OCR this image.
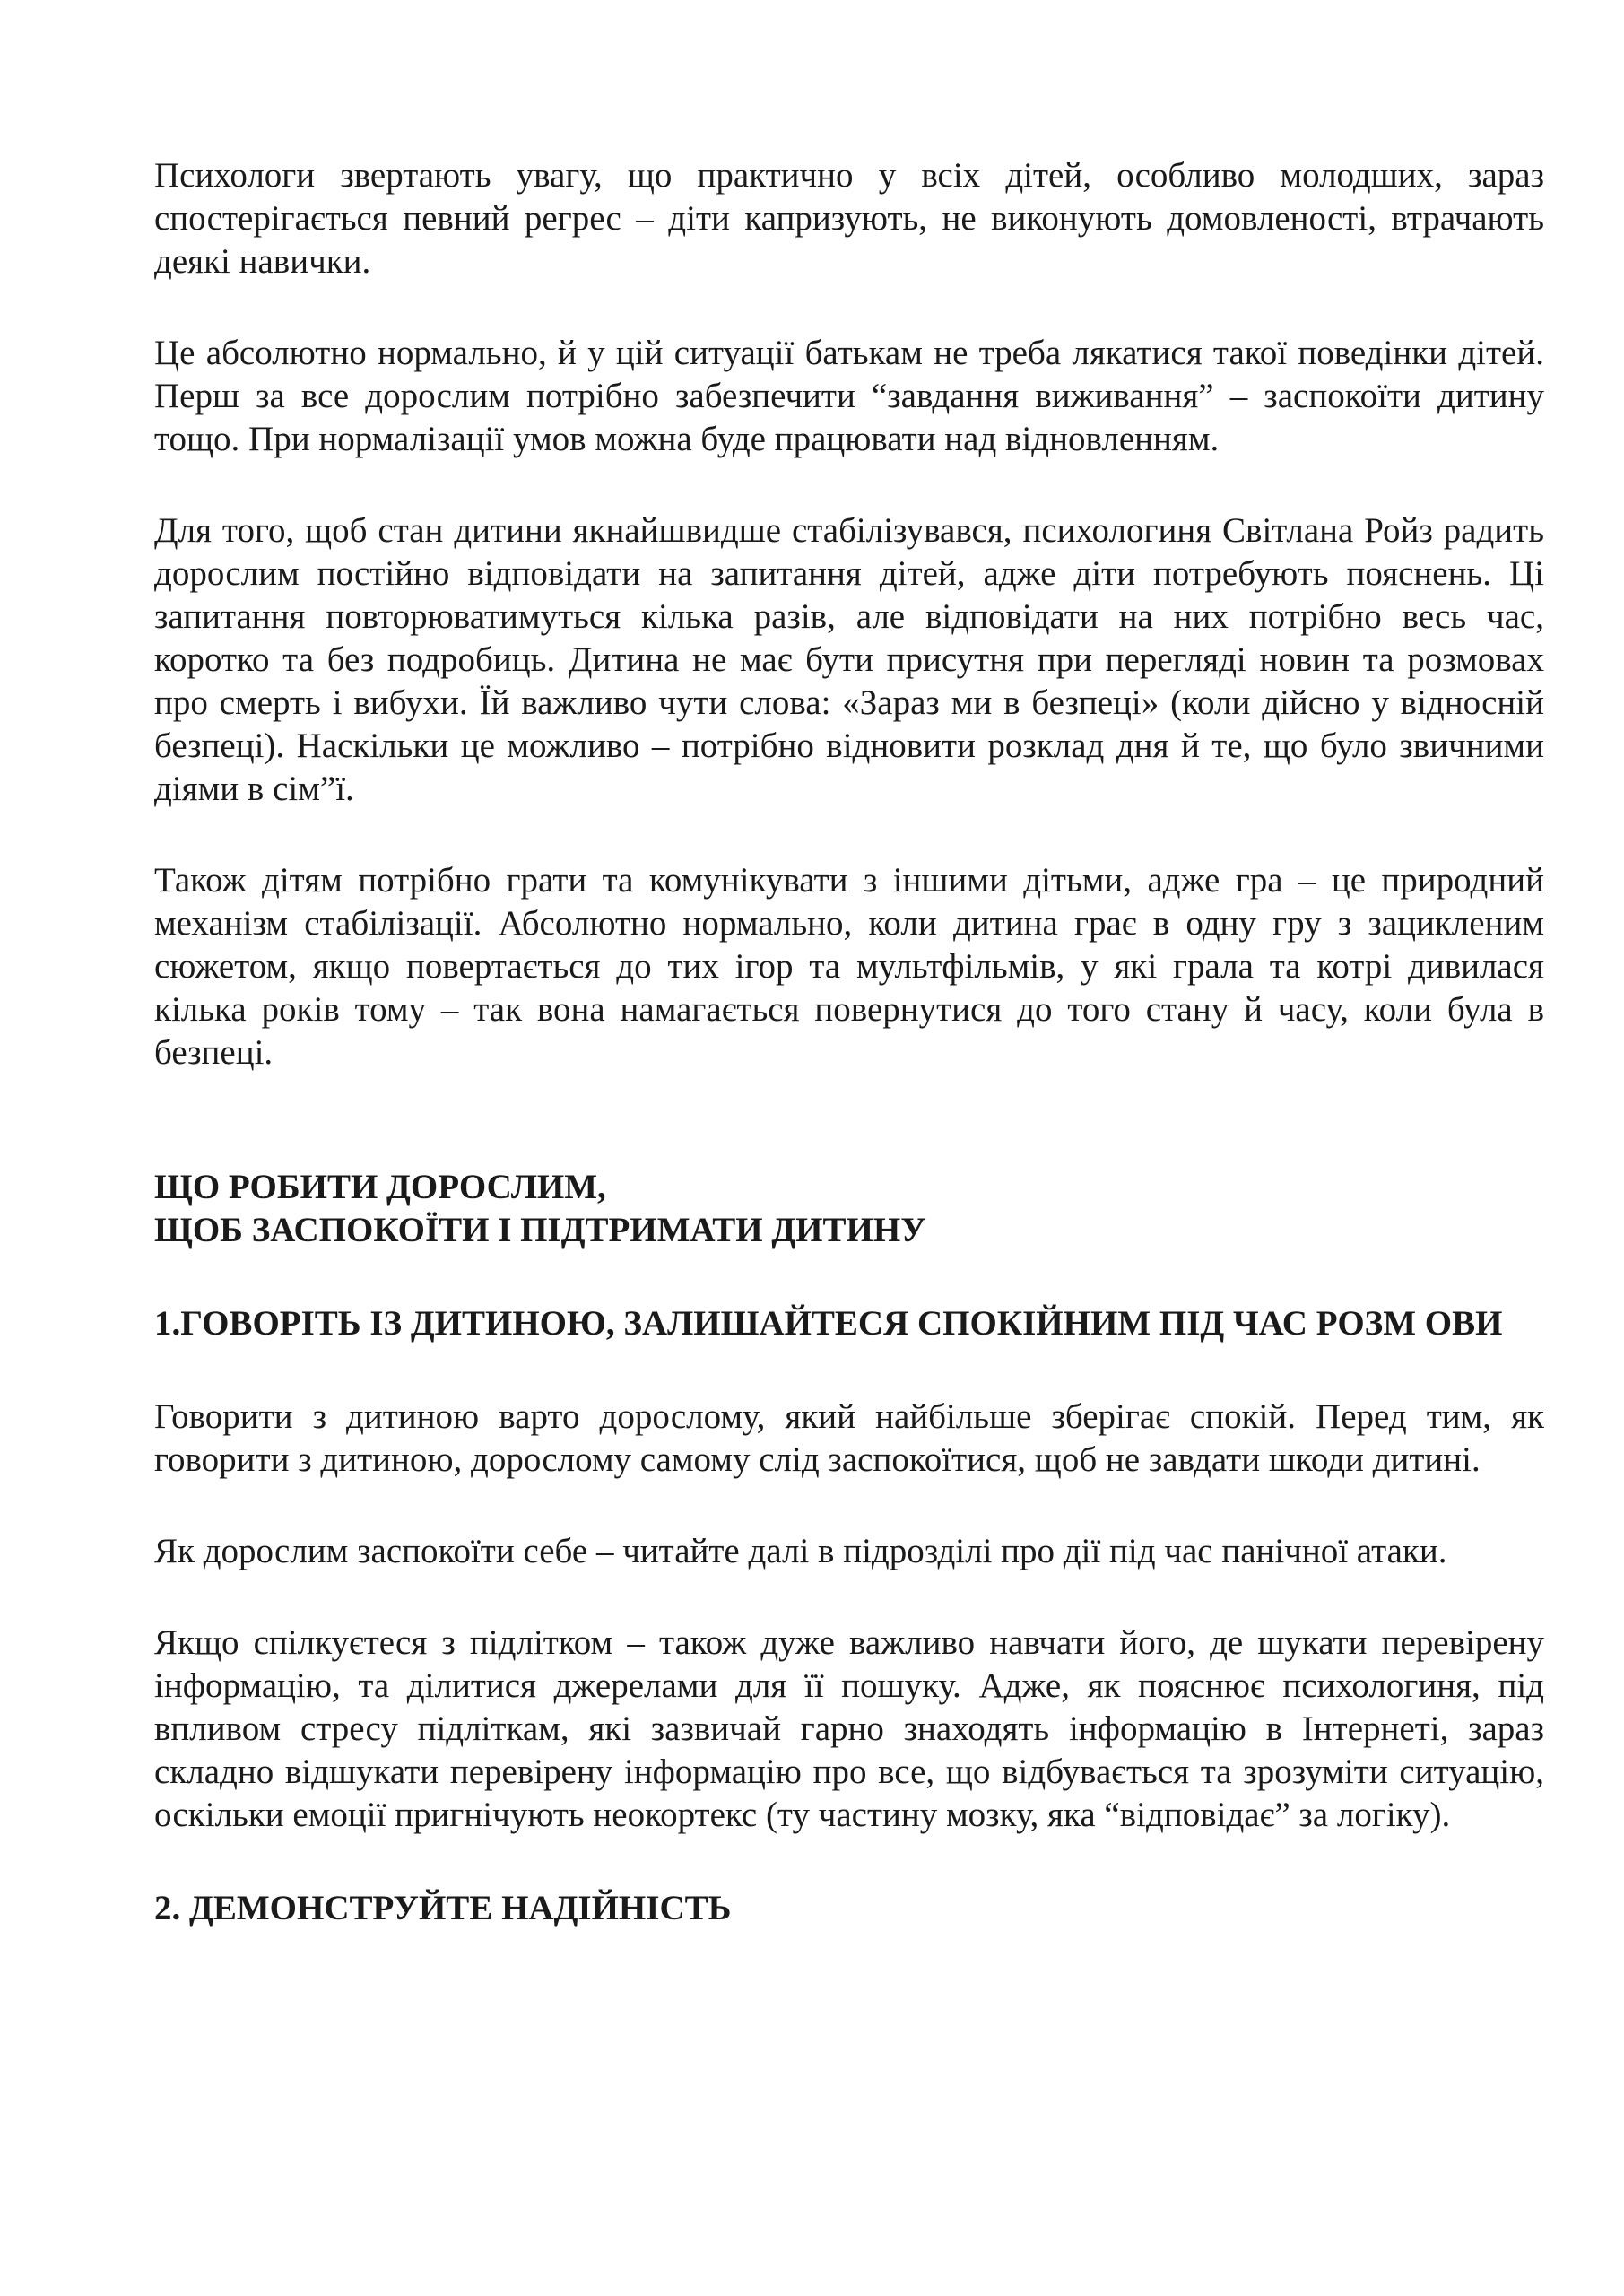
Психологи звертають увагу, що практично у всіх дітей, особливо молодших, зараз спостерігається певний регрес – діти капризують, не виконують домовленості, втрачають деякі навички.

Це абсолютно нормально, й у цій ситуації батькам не треба лякатися такої поведінки дітей. Перш за все дорослим потрібно забезпечити “завдання виживання” – заспокоїти дитину тощо. При нормалізації умов можна буде працювати над відновленням.

Для того, щоб стан дитини якнайшвидше стабілізувався, психологиня Світлана Ройз радить дорослим постійно відповідати на запитання дітей, адже діти потребують пояснень. Ці запитання повторюватимуться кілька разів, але відповідати на них потрібно весь час, коротко та без подробиць. Дитина не має бути присутня при перегляді новин та розмовах про смерть і вибухи. Їй важливо чути слова: «Зараз ми в безпеці» (коли дійсно у відносній безпеці). Наскільки це можливо – потрібно відновити розклад дня й те, що було звичними діями в сім”ї.

Також дітям потрібно грати та комунікувати з іншими дітьми, адже гра – це природний механізм стабілізації. Абсолютно нормально, коли дитина грає в одну гру з зацикленим сюжетом, якщо повертається до тих ігор та мультфільмів, у які грала та котрі дивилася кілька років тому – так вона намагається повернутися до того стану й часу, коли була в безпеці.

ЩО РОБИТИ ДОРОСЛИМ,

ЩОБ ЗАСПОКОЇТИ І ПІДТРИМАТИ ДИТИНУ

1.ГОВОРІТЬ ІЗ ДИТИНОЮ, ЗАЛИШАЙТЕСЯ СПОКІЙНИМ ПІД ЧАС РОЗМ ОВИ

Говорити з дитиною варто дорослому, який найбільше зберігає спокій. Перед тим, як говорити з дитиною, дорослому самому слід заспокоїтися, щоб не завдати шкоди дитині.

Як дорослим заспокоїти себе – читайте далі в підрозділі про дії під час панічної атаки.

Якщо спілкуєтеся з підлітком – також дуже важливо навчати його, де шукати перевірену інформацію, та ділитися джерелами для її пошуку. Адже, як пояснює психологиня, під впливом стресу підліткам, які зазвичай гарно знаходять інформацію в Інтернеті, зараз складно відшукати перевірену інформацію про все, що відбувається та зрозуміти ситуацію, оскільки емоції пригнічують неокортекс (ту частину мозку, яка “відповідає” за логіку).

2. ДЕМОНСТРУЙТЕ НАДІЙНІСТЬ
